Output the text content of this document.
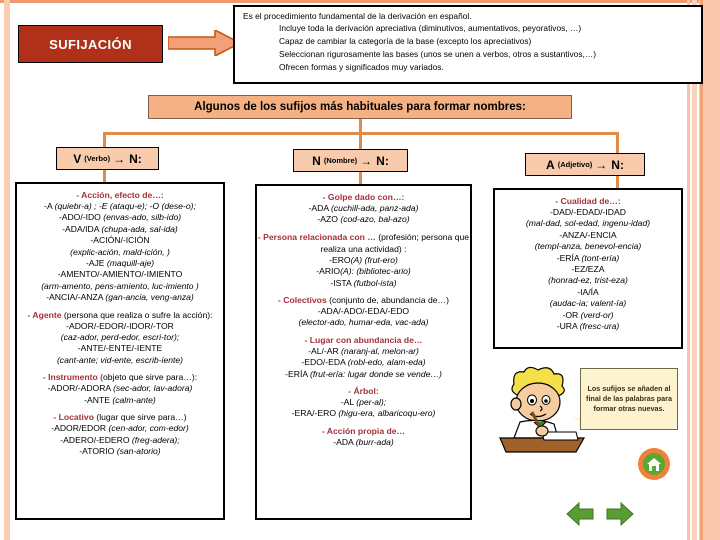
SUFIJACIÓN
Es el procedimiento fundamental de la derivación en español.
Incluye toda la derivación apreciativa (diminutivos, aumentativos, peyorativos, …)
Capaz de cambiar la categoría de la base (excepto los apreciativos)
Seleccionan rigurosamente las bases (unos se unen a verbos, otros a sustantivos,…)
Ofrecen formas y significados muy variados.
Algunos de los sufijos más habituales para formar nombres:
V (Verbo) → N:	N (Nombre) → N:	A (Adjetivo) → N:
- Acción, efecto de…:
-A (quiebr-a) ; -E (ataqu-e); -O (dese-o);
-ADO/-IDO (envas-ado, silb-ido)
-ADA/IDA (chupa-ada, sal-ida)
-ACIÓN/-ICIÓN
(explic-ación, mald-ición, )
-AJE (maquill-aje)
-AMENTO/-AMIENTO/-IMIENTO
(arm-amento, pens-amiento, luc-imiento )
-ANCIA/-ANZA (gan-ancia, veng-anza)
- Agente (persona que realiza o sufre la acción):
-ADOR/-EDOR/-IDOR/-TOR
(caz-ador, perd-edor, escri-tor);
-ANTE/-ENTE/-IENTE
(cant-ante; vid-ente, escrib-iente)
- Instrumento (objeto que sirve para…):
-ADOR/-ADORA (sec-ador, lav-adora)
-ANTE (calm-ante)
- Locativo (lugar que sirve para…)
-ADOR/EDOR (cen-ador, com-edor)
-ADERO/-EDERO (freg-adera);
-ATORIO (san-atorio)
- Golpe dado con…:
-ADA (cuchill-ada, panz-ada)
-AZO (cod-azo, bal-azo)
- Persona relacionada con … (profesión; persona que realiza una actividad) :
-ERO(A) (frut-ero)
-ARIO(A): (bibliotec-ario)
-ISTA (futbol-ista)
- Colectivos (conjunto de, abundancia de…)
-ADA/-ADO/-EDA/-EDO
(elector-ado, humar-eda, vac-ada)
- Lugar con abundancia de…
-AL/-AR (naranj-al, melon-ar)
-EDO/-EDA (robl-edo, alam-eda)
-ERÍA (frut-ería: lugar donde se vende…)
- Árbol:
-AL (per-al);
-ERA/-ERO (higu-era, albaricoqu-ero)
- Acción propia de…
-ADA (burr-ada)
- Cualidad de…:
-DAD/-EDAD/-IDAD
(mal-dad, sol-edad, ingenu-idad)
-ANZA/-ENCIA
(templ-anza, benevol-encia)
-ERÍA (tont-ería)
-EZ/EZA
(honrad-ez, trist-eza)
-IA/ÍA
(audac-ia; valent-ía)
-OR (verd-or)
-URA (fresc-ura)
Los sufijos se añaden al final de las palabras para formar otras nuevas.
